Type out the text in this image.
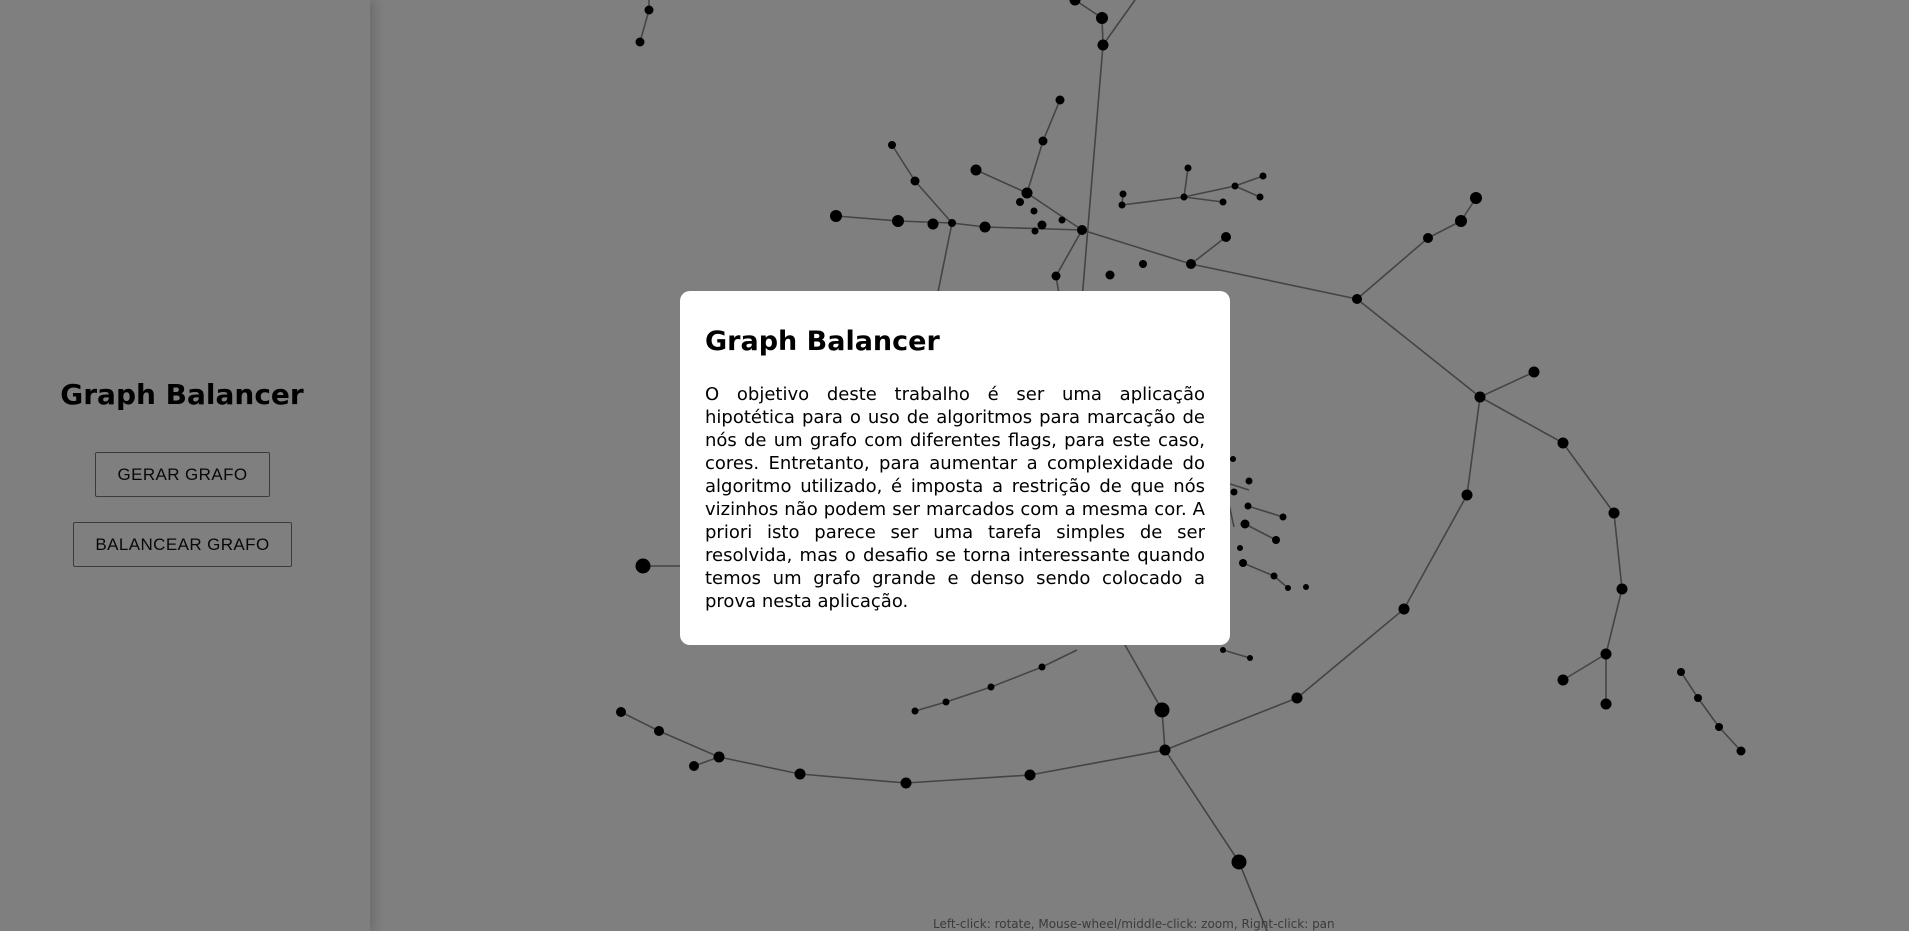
Graph Balancer

O objetivo deste trabalho é ser uma aplicação hipotética para o uso de algoritmos para marcação de nós de um grafo com diferentes flags, para este caso, cores. Entretanto, para aumentar a complexidade do algoritmo utilizado, é imposta a restrição de que nós vizinhos não podem ser marcados com a mesma cor. A priori isto parece ser uma tarefa simples de ser resolvida, mas o desafio se torna interessante quando temos um grafo grande e denso sendo colocado a prova nesta aplicação.
